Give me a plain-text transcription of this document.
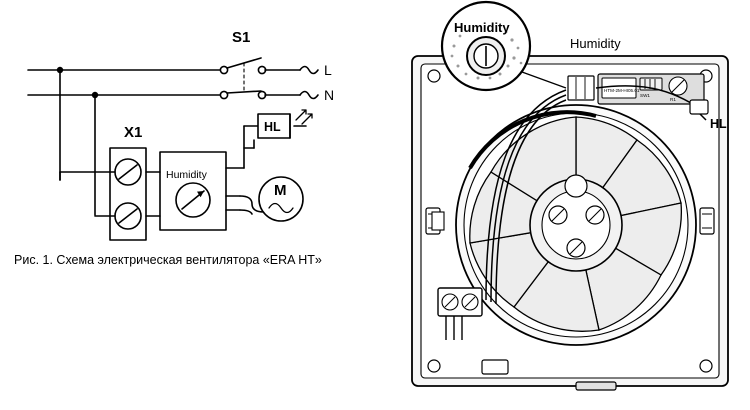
S1
X1
L
N
HL
M
Humidity
Рис. 1. Схема электрическая вентилятора «ERA HT»
HTM-2M-HI05.01
SW1
R1
Humidity
Humidity
HL
